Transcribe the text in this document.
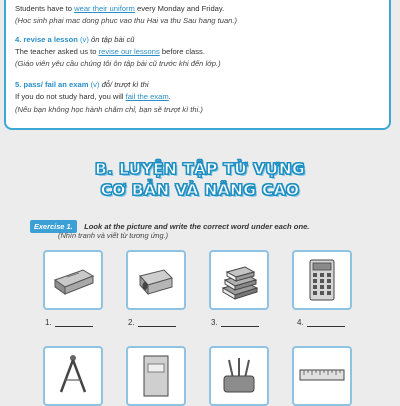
Students have to wear their uniform every Monday and Friday.
(Hoc sinh phai mac dong phuc vao thu Hai va thu Sau hang tuan.)
4. revise a lesson (v) ôn tập bài cũ
The teacher asked us to revise our lessons before class.
(Giáo viên yêu cầu chúng tôi ôn tập bài cũ trước khi đến lớp.)
5. pass/ fail an exam (v) đỗ/ trượt kì thi
If you do not study hard, you will fail the exam.
(Nếu bạn không học hành chăm chỉ, bạn sẽ trượt kì thi.)
B. LUYỆN TẬP TỪ VỰNG
CƠ BẢN VÀ NÂNG CAO
Exercise 1. Look at the picture and write the correct word under each one.
(Nhìn tranh và viết từ tương ứng.)
1.	2.	3.	4.
